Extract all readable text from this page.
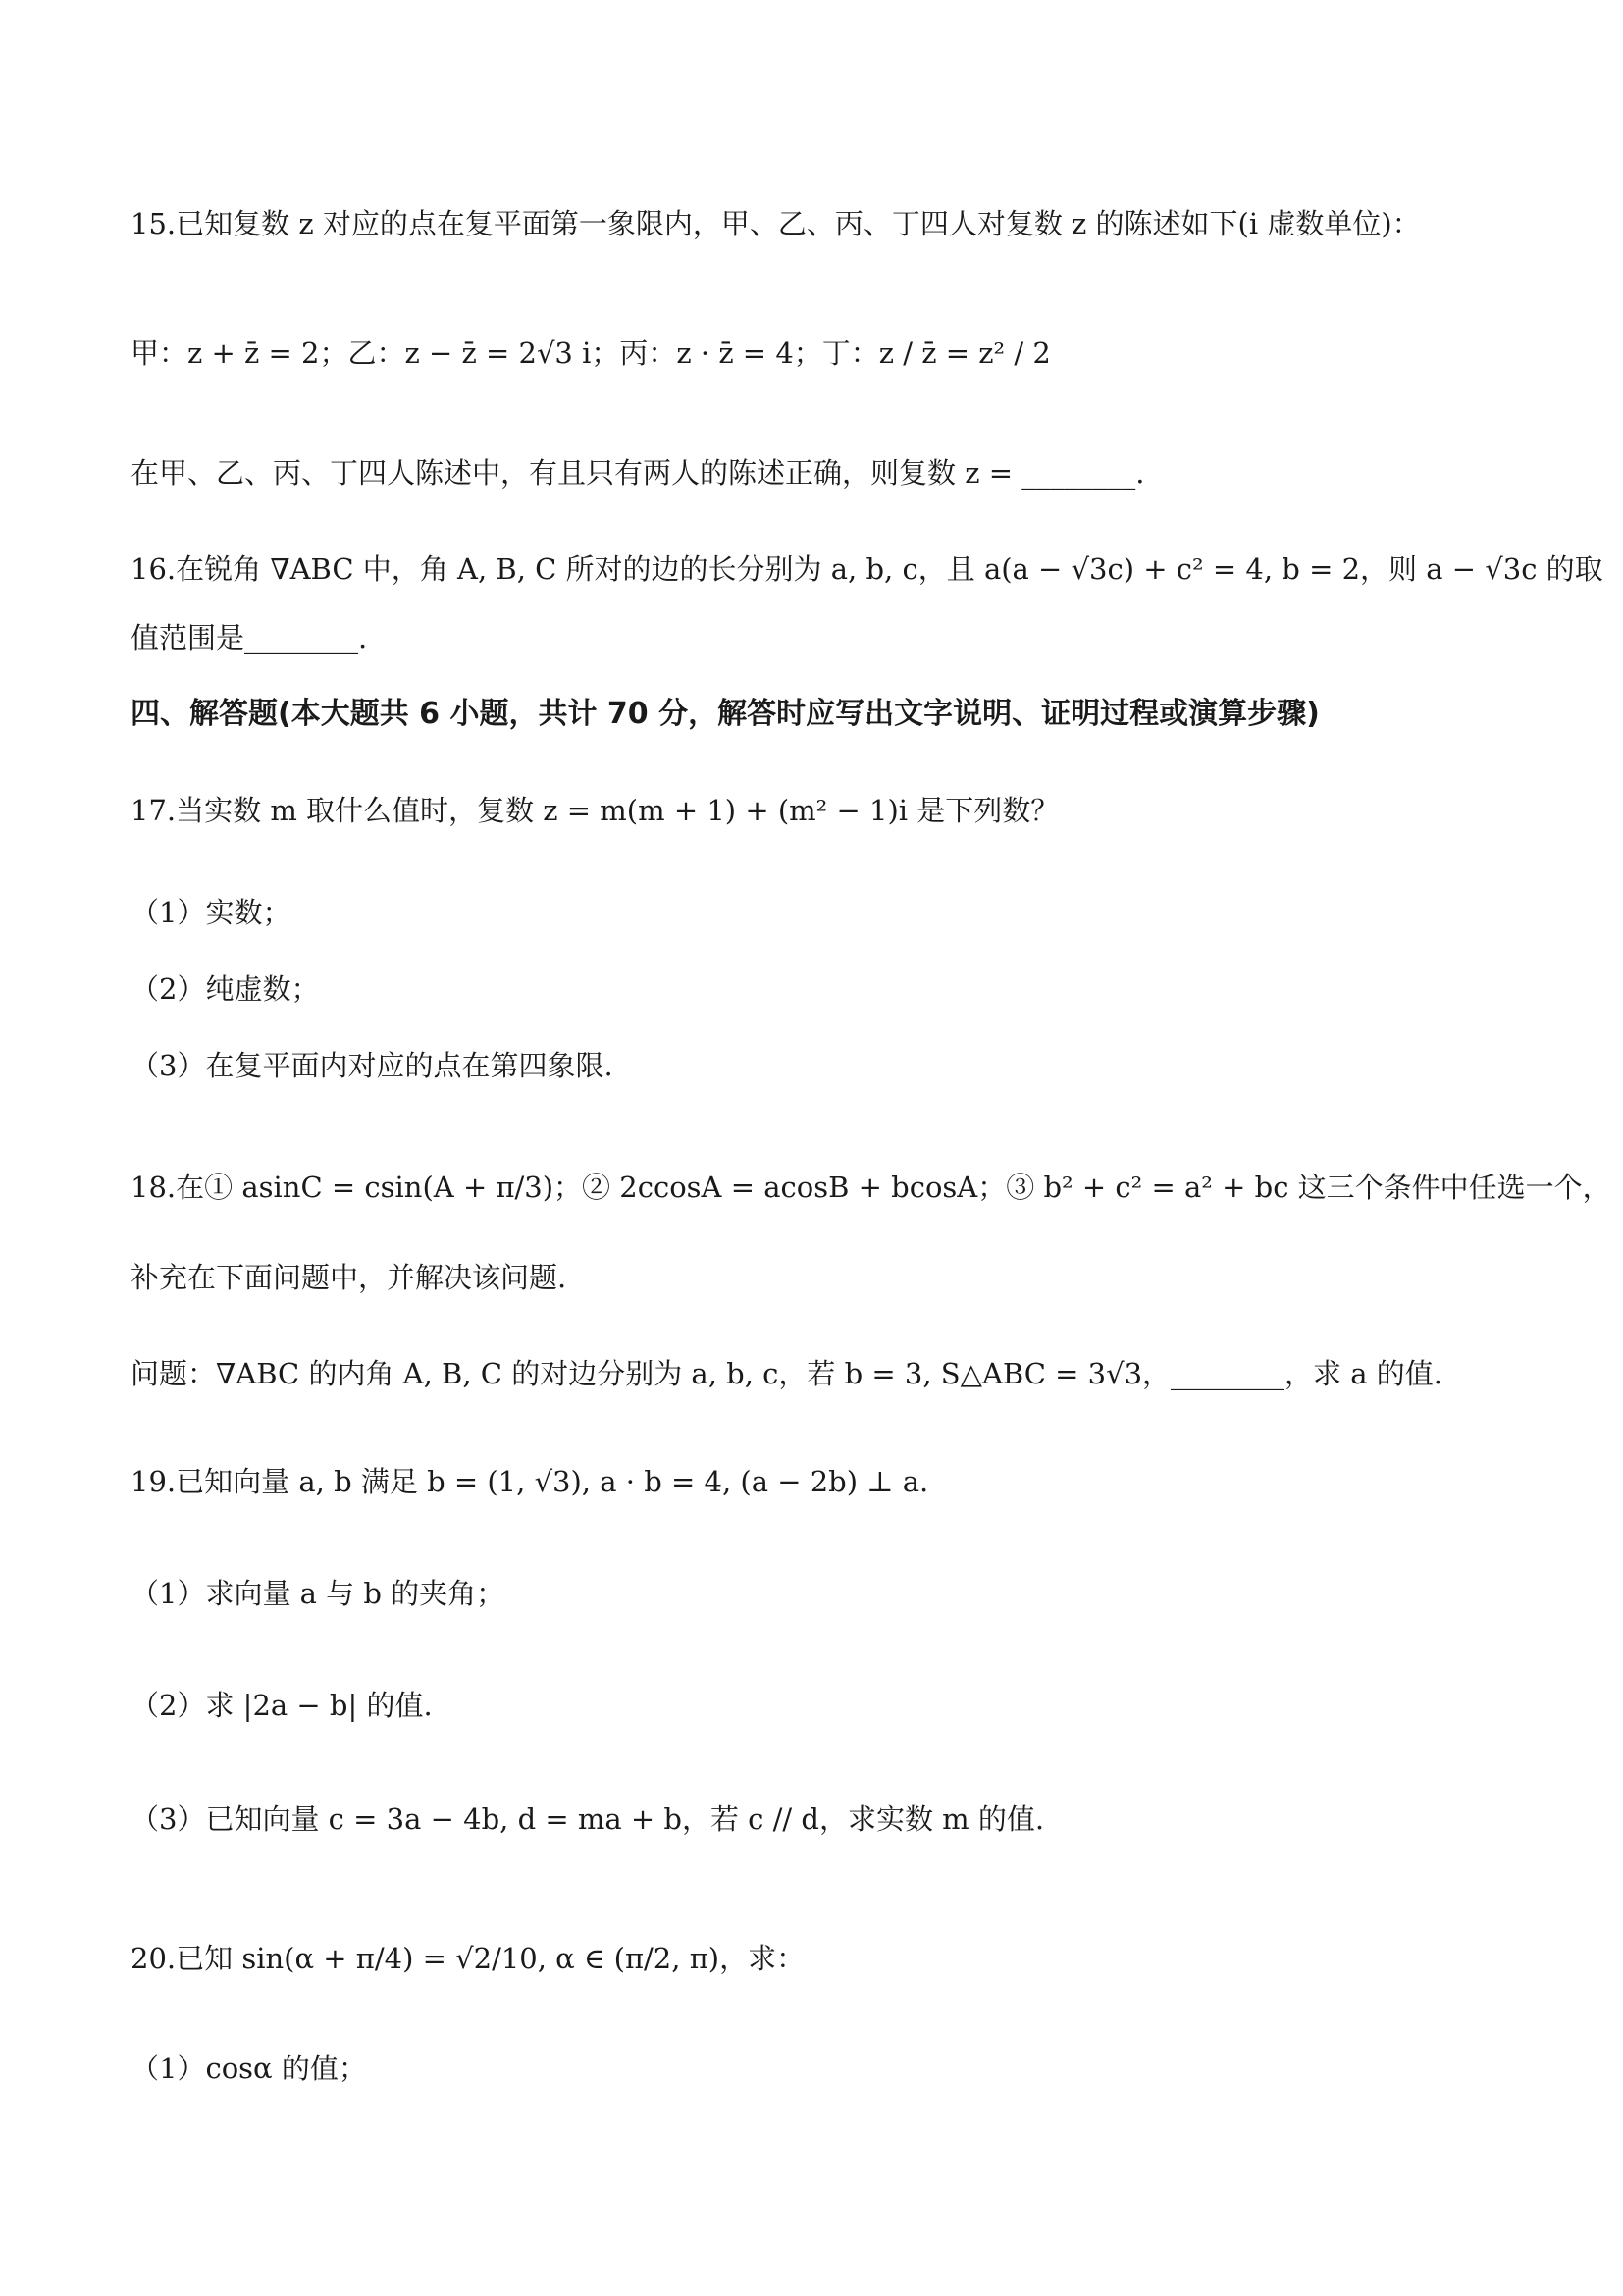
15.已知复数 z 对应的点在复平面第一象限内，甲、乙、丙、丁四人对复数 z 的陈述如下(i 虚数单位)：
甲：z + z̄ = 2；乙：z − z̄ = 2√3 i；丙：z · z̄ = 4；丁：z / z̄ = z² / 2
在甲、乙、丙、丁四人陈述中，有且只有两人的陈述正确，则复数 z = ________.
16.在锐角 ∇ABC 中，角 A, B, C 所对的边的长分别为 a, b, c，且 a(a − √3c) + c² = 4, b = 2，则 a − √3c 的取
值范围是________.
四、解答题(本大题共 6 小题，共计 70 分，解答时应写出文字说明、证明过程或演算步骤)
17.当实数 m 取什么值时，复数 z = m(m + 1) + (m² − 1)i 是下列数？
（1）实数；
（2）纯虚数；
（3）在复平面内对应的点在第四象限.
18.在① asinC = csin(A + π/3)；② 2ccosA = acosB + bcosA；③ b² + c² = a² + bc 这三个条件中任选一个，
补充在下面问题中，并解决该问题.
问题：∇ABC 的内角 A, B, C 的对边分别为 a, b, c，若 b = 3, S△ABC = 3√3，________，求 a 的值.
19.已知向量 a, b 满足 b = (1, √3), a · b = 4, (a − 2b) ⊥ a.
（1）求向量 a 与 b 的夹角；
（2）求 |2a − b| 的值.
（3）已知向量 c = 3a − 4b, d = ma + b，若 c // d，求实数 m 的值.
20.已知 sin(α + π/4) = √2/10, α ∈ (π/2, π)，求：
（1）cosα 的值；
